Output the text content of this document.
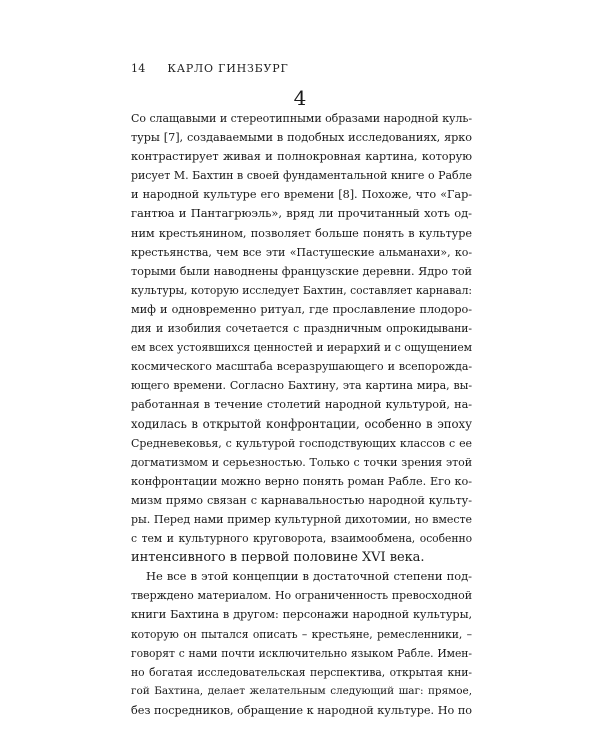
14 КАРЛО ГИНЗБУРГ
4
Со слащавыми и стереотипными образами народной куль-
туры [7], создаваемыми в подобных исследованиях, ярко
контрастирует живая и полнокровная картина, которую
рисует М. Бахтин в своей фундаментальной книге о Рабле
и народной культуре его времени [8]. Похоже, что «Гар-
гантюа и Пантагрюэль», вряд ли прочитанный хоть од-
ним крестьянином, позволяет больше понять в культуре
крестьянства, чем все эти «Пастушеские альманахи», ко-
торыми были наводнены французские деревни. Ядро той
культуры, которую исследует Бахтин, составляет карнавал:
миф и одновременно ритуал, где прославление плодоро-
дия и изобилия сочетается с праздничным опрокидывани-
ем всех устоявшихся ценностей и иерархий и с ощущением
космического масштаба всеразрушающего и всепорожда-
ющего времени. Согласно Бахтину, эта картина мира, вы-
работанная в течение столетий народной культурой, на-
ходилась в открытой конфронтации, особенно в эпоху
Средневековья, с культурой господствующих классов с ее
догматизмом и серьезностью. Только с точки зрения этой
конфронтации можно верно понять роман Рабле. Его ко-
мизм прямо связан с карнавальностью народной культу-
ры. Перед нами пример культурной дихотомии, но вместе
с тем и культурного круговорота, взаимообмена, особенно
интенсивного в первой половине XVI века.
Не все в этой концепции в достаточной степени под-
тверждено материалом. Но ограниченность превосходной
книги Бахтина в другом: персонажи народной культуры,
которую он пытался описать – крестьяне, ремесленники, –
говорят с нами почти исключительно языком Рабле. Имен-
но богатая исследовательская перспектива, открытая кни-
гой Бахтина, делает желательным следующий шаг: прямое,
без посредников, обращение к народной культуре. Но по
